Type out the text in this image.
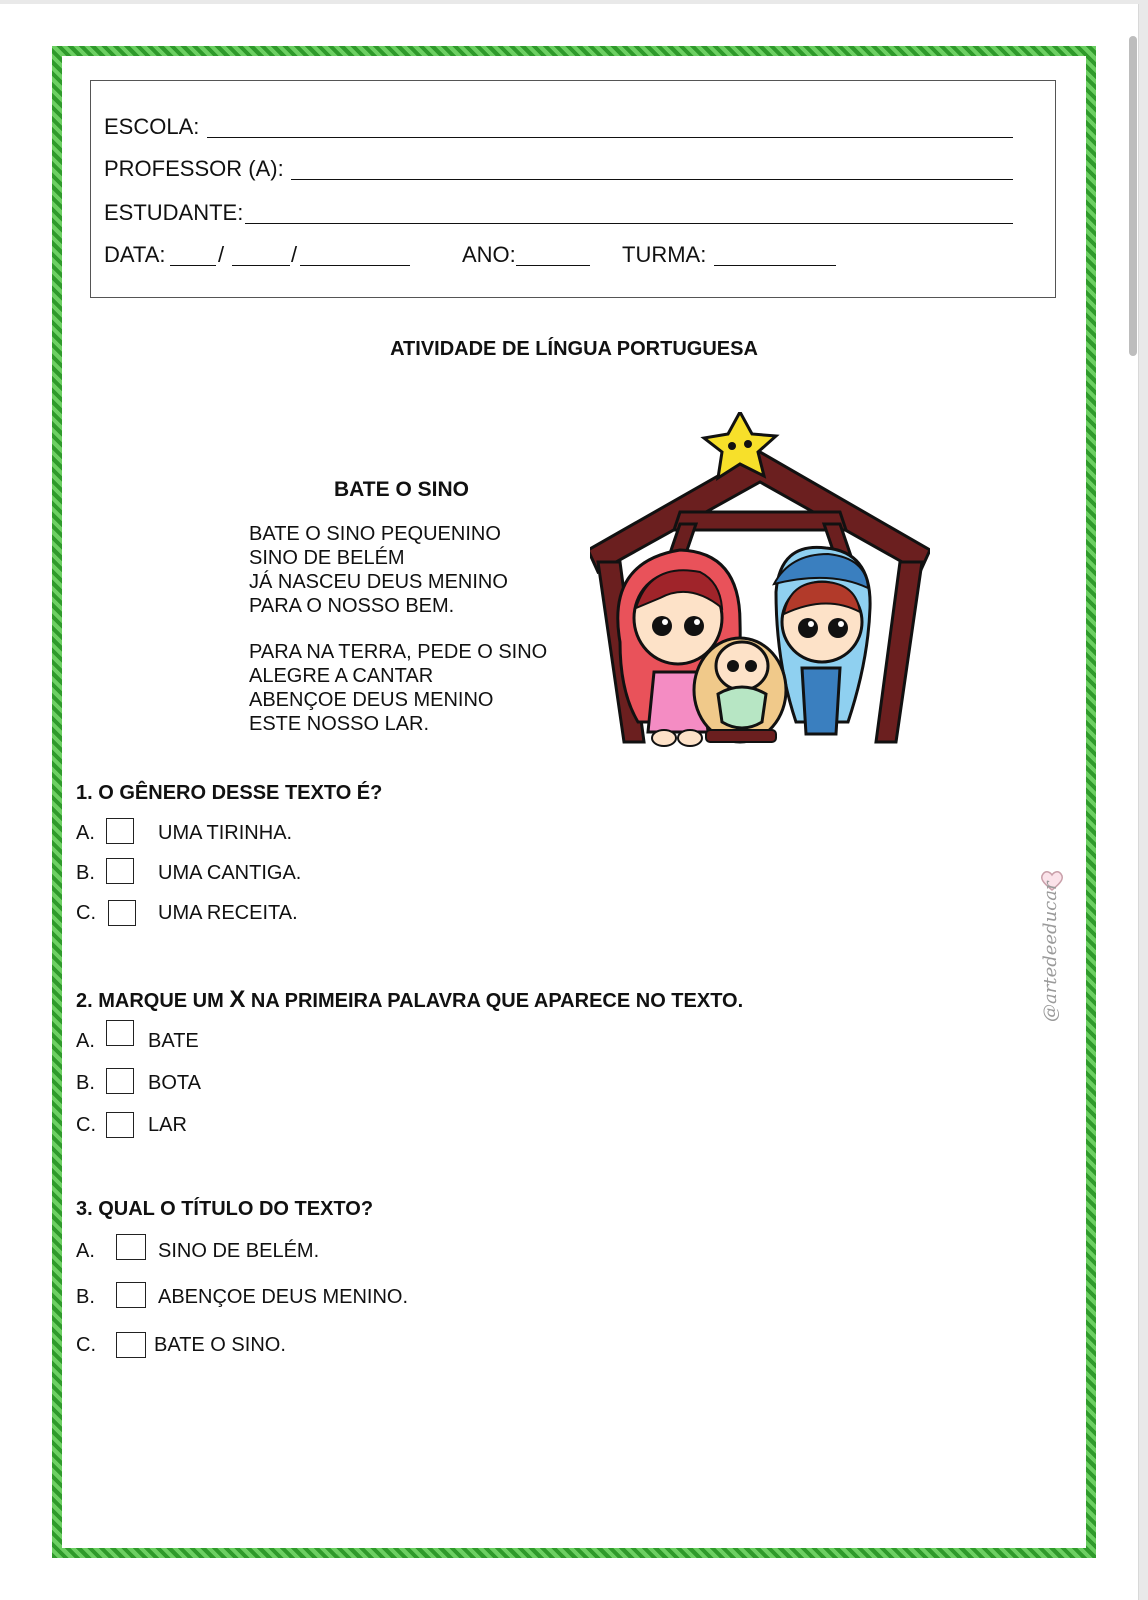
ESCOLA:
PROFESSOR (A):
ESTUDANTE:
DATA: /	/	ANO:	TURMA:
ATIVIDADE DE LÍNGUA PORTUGUESA
BATE O SINO
BATE O SINO PEQUENINO
SINO DE BELÉM
JÁ NASCEU DEUS MENINO
PARA O NOSSO BEM.
PARA NA TERRA, PEDE O SINO
ALEGRE A CANTAR
ABENÇOE DEUS MENINO
ESTE NOSSO LAR.
1. O GÊNERO DESSE TEXTO É?
A.	UMA TIRINHA.
B.	UMA CANTIGA.
C.	UMA RECEITA.
2. MARQUE UM X NA PRIMEIRA PALAVRA QUE APARECE NO TEXTO.
A.	BATE
B.	BOTA
C.	LAR
3. QUAL O TÍTULO DO TEXTO?
A.	SINO DE BELÉM.
B.	ABENÇOE DEUS MENINO.
C.	BATE O SINO.
@artedeeducar
